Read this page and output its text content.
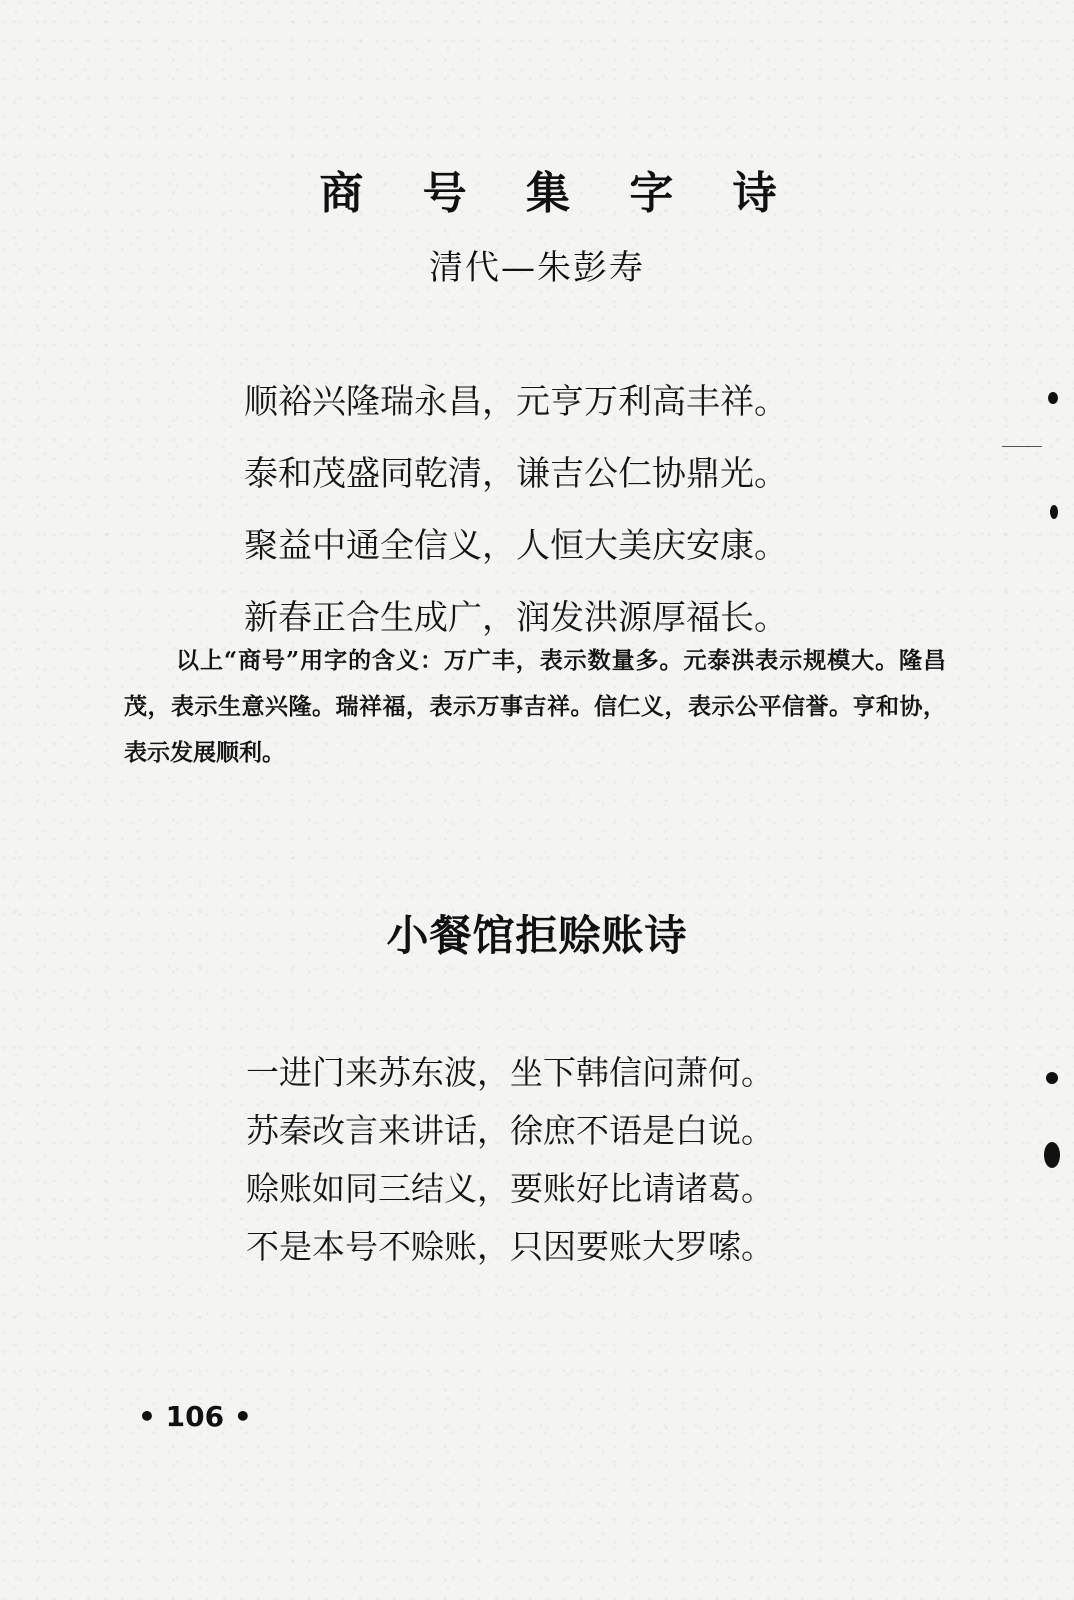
商 号 集 字 诗
清代—朱彭寿
顺裕兴隆瑞永昌，元亨万利高丰祥。
泰和茂盛同乾清，谦吉公仁协鼎光。
聚益中通全信义，人恒大美庆安康。
新春正合生成广，润发洪源厚福长。
以上“商号”用字的含义：万广丰，表示数量多。元泰洪表示规模大。隆昌茂，表示生意兴隆。瑞祥福，表示万事吉祥。信仁义，表示公平信誉。亨和协，表示发展顺利。
小餐馆拒赊账诗
一进门来苏东波，坐下韩信问萧何。
苏秦改言来讲话，徐庶不语是白说。
赊账如同三结义，要账好比请诸葛。
不是本号不赊账，只因要账大罗嗦。
• 106 •
